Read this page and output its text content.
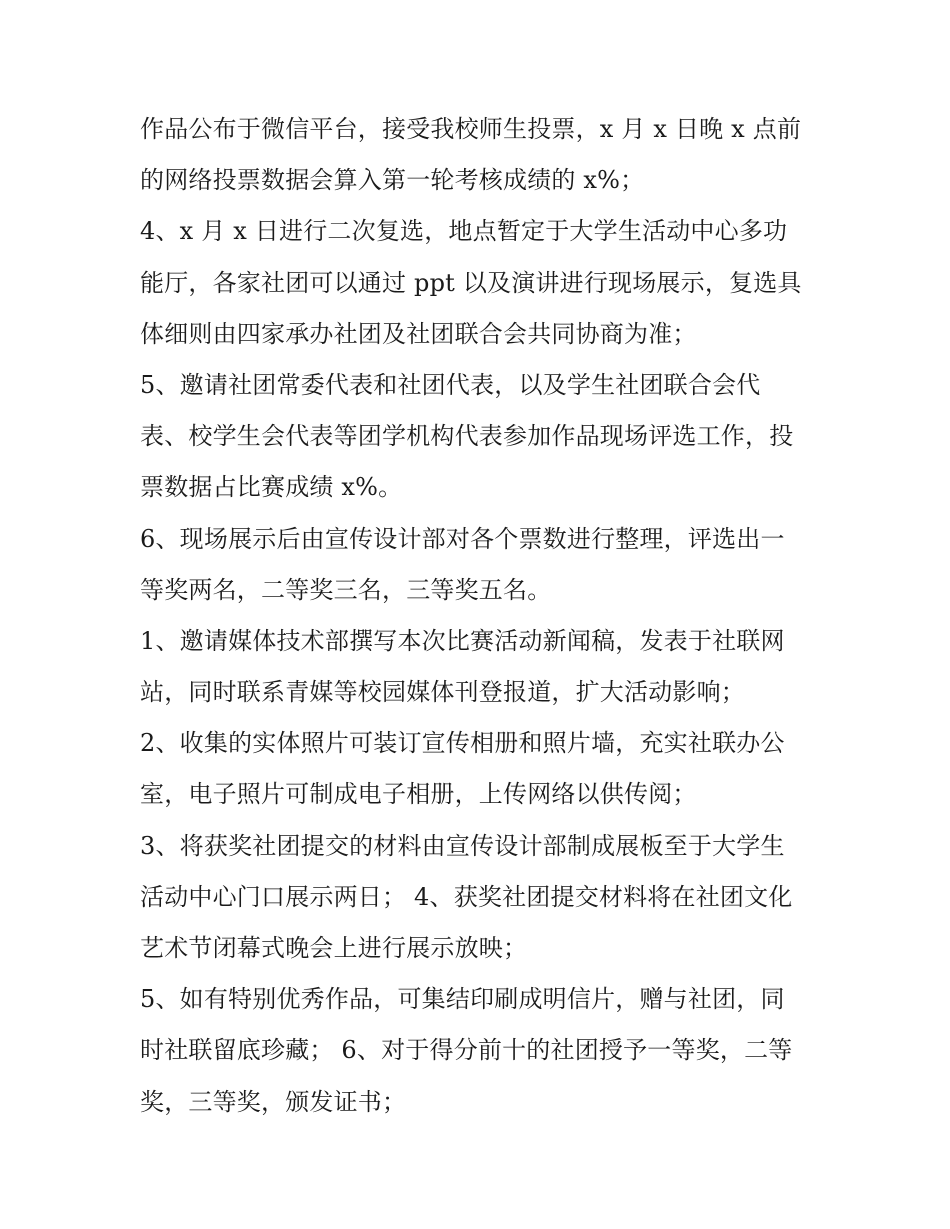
作品公布于微信平台，接受我校师生投票，x 月 x 日晚 x 点前
的网络投票数据会算入第一轮考核成绩的 x%；
4、x 月 x 日进行二次复选，地点暂定于大学生活动中心多功
能厅，各家社团可以通过 ppt 以及演讲进行现场展示，复选具
体细则由四家承办社团及社团联合会共同协商为准；
5、邀请社团常委代表和社团代表，以及学生社团联合会代
表、校学生会代表等团学机构代表参加作品现场评选工作，投
票数据占比赛成绩 x%。
6、现场展示后由宣传设计部对各个票数进行整理，评选出一
等奖两名，二等奖三名，三等奖五名。
1、邀请媒体技术部撰写本次比赛活动新闻稿，发表于社联网
站，同时联系青媒等校园媒体刊登报道，扩大活动影响；
2、收集的实体照片可装订宣传相册和照片墙，充实社联办公
室，电子照片可制成电子相册，上传网络以供传阅；
3、将获奖社团提交的材料由宣传设计部制成展板至于大学生
活动中心门口展示两日； 4、获奖社团提交材料将在社团文化
艺术节闭幕式晚会上进行展示放映；
5、如有特别优秀作品，可集结印刷成明信片，赠与社团，同
时社联留底珍藏； 6、对于得分前十的社团授予一等奖，二等
奖，三等奖，颁发证书；
